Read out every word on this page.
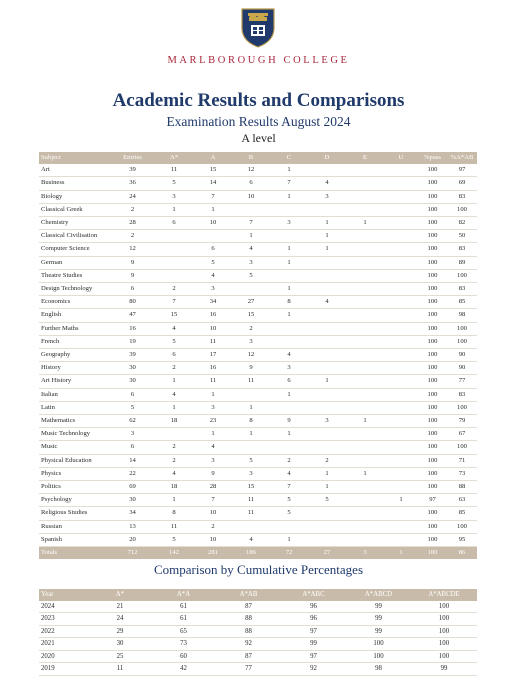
MARLBOROUGH COLLEGE
Academic Results and Comparisons
Examination Results August 2024
A level
Subject	Entries	A*	A	B	C	D	E	U	%pass	%A*AB
Art	39	11	15	12	1				100	97
Business	36	5	14	6	7	4			100	69
Biology	24	3	7	10	1	3			100	83
Classical Greek	2	1	1						100	100
Chemistry	28	6	10	7	3	1	1		100	82
Classical Civilisation	2			1		1			100	50
Computer Science	12		6	4	1	1			100	83
German	9		5	3	1				100	89
Theatre Studies	9		4	5					100	100
Design Technology	6	2	3		1				100	83
Economics	80	7	34	27	8	4			100	85
English	47	15	16	15	1				100	98
Further Maths	16	4	10	2					100	100
French	19	5	11	3					100	100
Geography	39	6	17	12	4				100	90
History	30	2	16	9	3				100	90
Art History	30	1	11	11	6	1			100	77
Italian	6	4	1		1				100	83
Latin	5	1	3	1					100	100
Mathematics	62	18	23	8	9	3	1		100	79
Music Technology	3		1	1	1				100	67
Music	6	2	4						100	100
Physical Education	14	2	3	5	2	2			100	71
Physics	22	4	9	3	4	1	1		100	73
Politics	69	18	28	15	7	1			100	88
Psychology	30	1	7	11	5	5		1	97	63
Religious Studies	34	8	10	11	5				100	85
Russian	13	11	2						100	100
Spanish	20	5	10	4	1				100	95
Totals	712	142	281	186	72	27	3	1	100	86
Comparison by Cumulative Percentages
Year	A*	A*A	A*AB	A*ABC	A*ABCD	A*ABCDE
2024	21	61	87	96	99	100
2023	24	61	88	96	99	100
2022	29	65	88	97	99	100
2021	30	73	92	99	100	100
2020	25	60	87	97	100	100
2019	11	42	77	92	98	99
